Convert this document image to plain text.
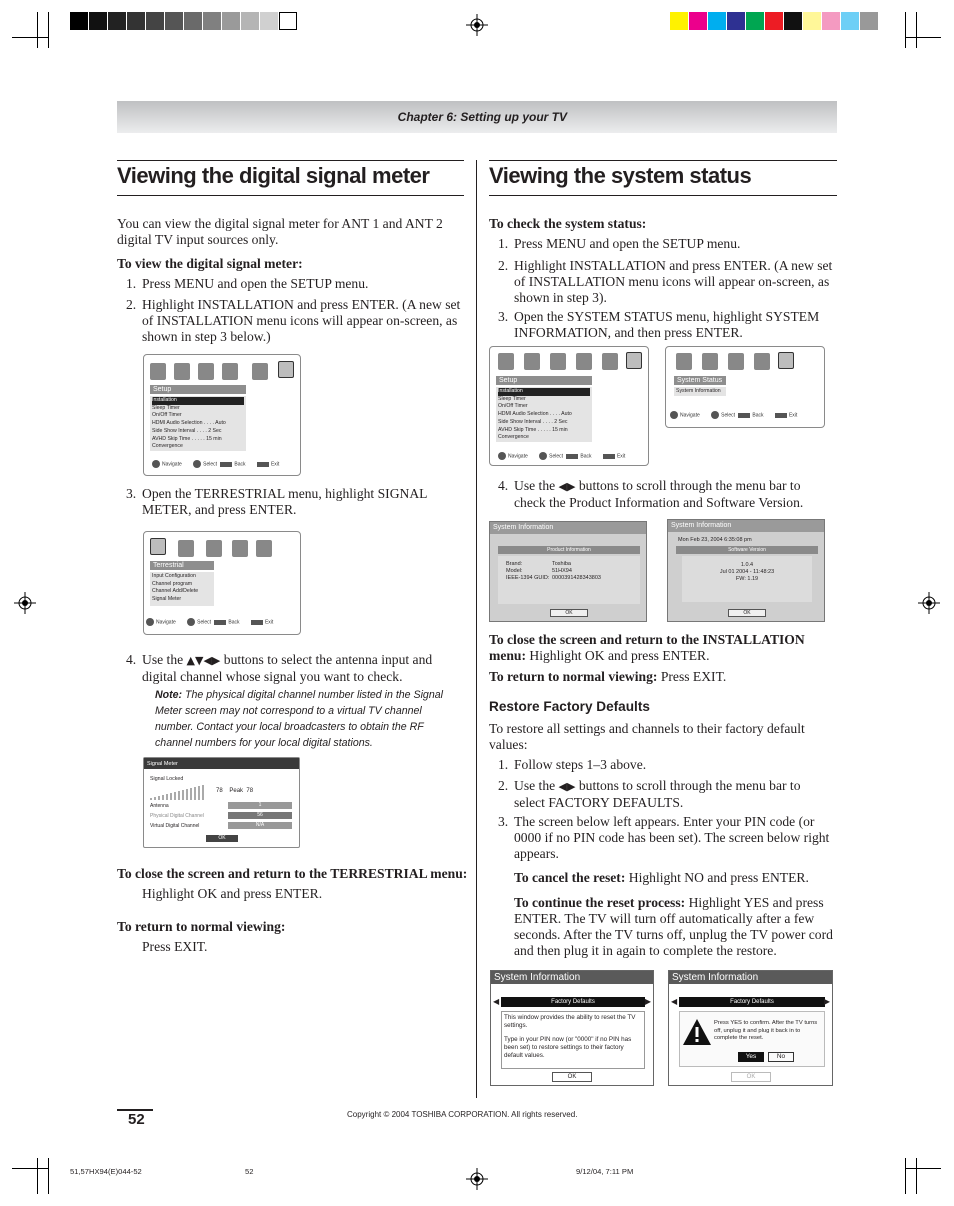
Chapter 6: Setting up your TV
Viewing the digital signal meter
You can view the digital signal meter for ANT 1 and ANT 2 digital TV input sources only.
To view the digital signal meter:
1. Press MENU and open the SETUP menu.
2. Highlight INSTALLATION and press ENTER. (A new set of INSTALLATION menu icons will appear on-screen, as shown in step 3 below.)
Setup
Installation
Sleep Timer
On/Off Timer
HDMI Audio Selection . . . . Auto
Side Show Interval . . . . 2 Sec
AVHD Skip Time . . . . . 15 min
Convergence
Navigate	Select	Back	Exit
3. Open the TERRESTRIAL menu, highlight SIGNAL METER, and press ENTER.
Terrestrial
Input Configuration
Channel program
Channel Add/Delete
Signal Meter
Navigate	Select	Back	Exit
4. Use the ▲▼◀▶ buttons to select the antenna input and digital channel whose signal you want to check.
Note: The physical digital channel number listed in the Signal Meter screen may not correspond to a virtual TV channel number. Contact your local broadcasters to obtain the RF channel numbers for your local digital stations.
Signal Meter
Signal Locked
78 Peak 78
Antenna	1
Physical Digital Channel	56
Virtual Digital Channel	N/A
OK
To close the screen and return to the TERRESTRIAL menu:
Highlight OK and press ENTER.
To return to normal viewing:
Press EXIT.
Viewing the system status
To check the system status:
1. Press MENU and open the SETUP menu.
2. Highlight INSTALLATION and press ENTER. (A new set of INSTALLATION menu icons will appear on-screen, as shown in step 3).
3. Open the SYSTEM STATUS menu, highlight SYSTEM INFORMATION, and then press ENTER.
Setup
Installation
Sleep Timer
On/Off Timer
HDMI Audio Selection . . . . Auto
Side Show Interval . . . . 2 Sec
AVHD Skip Time . . . . . 15 min
Convergence
Navigate	Select	Back	Exit
System Status
System Information
Navigate	Select	Back	Exit
4. Use the ◀▶ buttons to scroll through the menu bar to check the Product Information and Software Version.
System Information
Product Information
Brand:	Toshiba
Model:	51HX94
IEEE-1394 GUID: 0000391428343803
OK
System Information
Mon Feb 23, 2004 6:35:08 pm
Software Version
1.0.4
Jul 01 2004 - 11:48:23
FW: 1.19
OK
To close the screen and return to the INSTALLATION menu: Highlight OK and press ENTER.
To return to normal viewing: Press EXIT.
Restore Factory Defaults
To restore all settings and channels to their factory default values:
1. Follow steps 1–3 above.
2. Use the ◀▶ buttons to scroll through the menu bar to select FACTORY DEFAULTS.
3. The screen below left appears. Enter your PIN code (or 0000 if no PIN code has been set). The screen below right appears.
To cancel the reset: Highlight NO and press ENTER.
To continue the reset process: Highlight YES and press ENTER. The TV will turn off automatically after a few seconds. After the TV turns off, unplug the TV power cord and then plug it in again to complete the restore.
System Information
◀	Factory Defaults	▶
This window provides the ability to reset the TV settings.
Type in your PIN now (or "0000" if no PIN has been set) to restore settings to their factory default values.
OK
System Information
◀	Factory Defaults	▶
Press YES to confirm. After the TV turns off, unplug it and plug it back in to complete the reset.
Yes	No
OK
52	Copyright © 2004 TOSHIBA CORPORATION. All rights reserved.
51,57HX94(E)044-52	52	9/12/04, 7:11 PM
